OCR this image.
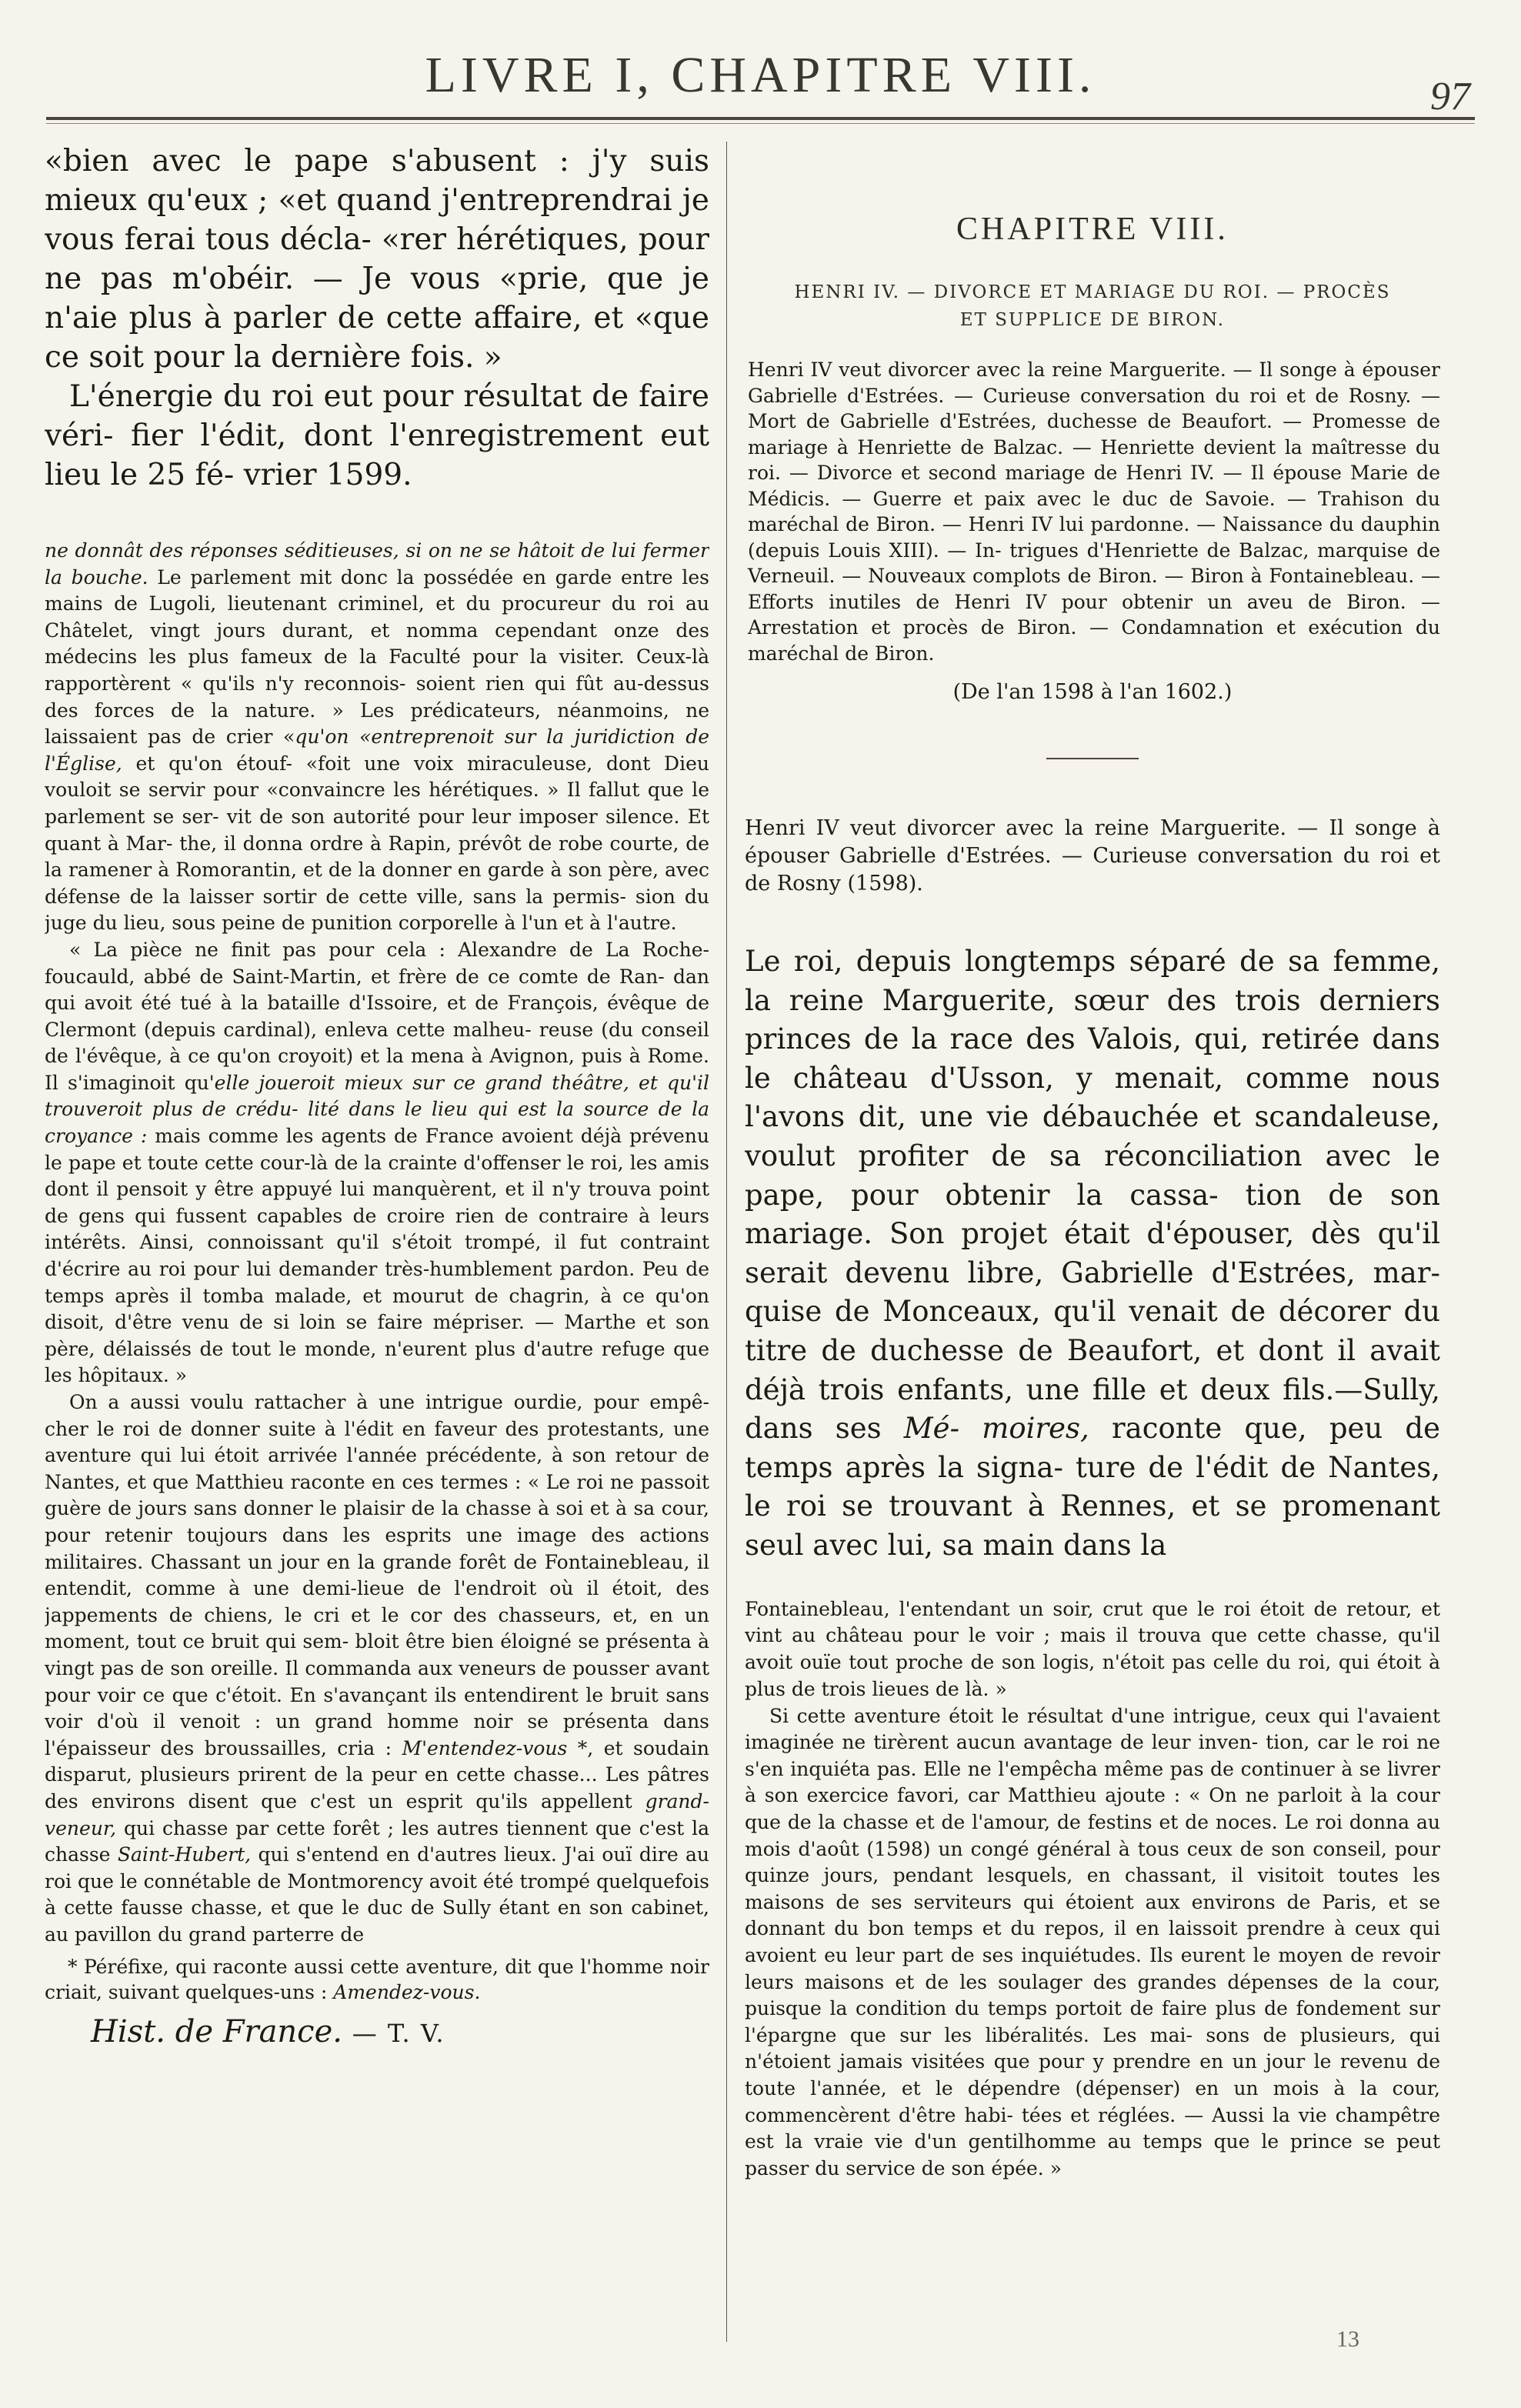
LIVRE I, CHAPITRE VIII.	97

«bien avec le pape s'abusent : j'y suis mieux qu'eux ; «et quand j'entreprendrai je vous ferai tous décla- «rer hérétiques, pour ne pas m'obéir. — Je vous «prie, que je n'aie plus à parler de cette affaire, et «que ce soit pour la dernière fois. »

L'énergie du roi eut pour résultat de faire véri- fier l'édit, dont l'enregistrement eut lieu le 25 fé- vrier 1599.

ne donnât des réponses séditieuses, si on ne se hâtoit de lui fermer la bouche. Le parlement mit donc la possédée en garde entre les mains de Lugoli, lieutenant criminel, et du procureur du roi au Châtelet, vingt jours durant, et nomma cependant onze des médecins les plus fameux de la Faculté pour la visiter. Ceux-là rapportèrent « qu'ils n'y reconnois- soient rien qui fût au-dessus des forces de la nature. » Les prédicateurs, néanmoins, ne laissaient pas de crier «qu'on «entreprenoit sur la juridiction de l'Église, et qu'on étouf- «foit une voix miraculeuse, dont Dieu vouloit se servir pour «convaincre les hérétiques. » Il fallut que le parlement se ser- vit de son autorité pour leur imposer silence. Et quant à Mar- the, il donna ordre à Rapin, prévôt de robe courte, de la ramener à Romorantin, et de la donner en garde à son père, avec défense de la laisser sortir de cette ville, sans la permis- sion du juge du lieu, sous peine de punition corporelle à l'un et à l'autre.

« La pièce ne finit pas pour cela : Alexandre de La Roche- foucauld, abbé de Saint-Martin, et frère de ce comte de Ran- dan qui avoit été tué à la bataille d'Issoire, et de François, évêque de Clermont (depuis cardinal), enleva cette malheu- reuse (du conseil de l'évêque, à ce qu'on croyoit) et la mena à Avignon, puis à Rome. Il s'imaginoit qu'elle joueroit mieux sur ce grand théâtre, et qu'il trouveroit plus de crédu- lité dans le lieu qui est la source de la croyance : mais comme les agents de France avoient déjà prévenu le pape et toute cette cour-là de la crainte d'offenser le roi, les amis dont il pensoit y être appuyé lui manquèrent, et il n'y trouva point de gens qui fussent capables de croire rien de contraire à leurs intérêts. Ainsi, connoissant qu'il s'étoit trompé, il fut contraint d'écrire au roi pour lui demander très-humblement pardon. Peu de temps après il tomba malade, et mourut de chagrin, à ce qu'on disoit, d'être venu de si loin se faire mépriser. — Marthe et son père, délaissés de tout le monde, n'eurent plus d'autre refuge que les hôpitaux. »

On a aussi voulu rattacher à une intrigue ourdie, pour empê- cher le roi de donner suite à l'édit en faveur des protestants, une aventure qui lui étoit arrivée l'année précédente, à son retour de Nantes, et que Matthieu raconte en ces termes : « Le roi ne passoit guère de jours sans donner le plaisir de la chasse à soi et à sa cour, pour retenir toujours dans les esprits une image des actions militaires. Chassant un jour en la grande forêt de Fontainebleau, il entendit, comme à une demi-lieue de l'endroit où il étoit, des jappements de chiens, le cri et le cor des chasseurs, et, en un moment, tout ce bruit qui sem- bloit être bien éloigné se présenta à vingt pas de son oreille. Il commanda aux veneurs de pousser avant pour voir ce que c'étoit. En s'avançant ils entendirent le bruit sans voir d'où il venoit : un grand homme noir se présenta dans l'épaisseur des broussailles, cria : M'entendez-vous *, et soudain disparut, plusieurs prirent de la peur en cette chasse... Les pâtres des environs disent que c'est un esprit qu'ils appellent grand- veneur, qui chasse par cette forêt ; les autres tiennent que c'est la chasse Saint-Hubert, qui s'entend en d'autres lieux. J'ai ouï dire au roi que le connétable de Montmorency avoit été trompé quelquefois à cette fausse chasse, et que le duc de Sully étant en son cabinet, au pavillon du grand parterre de

* Péréfixe, qui raconte aussi cette aventure, dit que l'homme noir criait, suivant quelques-uns : Amendez-vous.

Hist. de France. — T. V.

CHAPITRE VIII.
HENRI IV. — DIVORCE ET MARIAGE DU ROI. — PROCÈS ET SUPPLICE DE BIRON.

Henri IV veut divorcer avec la reine Marguerite. — Il songe à épouser Gabrielle d'Estrées. — Curieuse conversation du roi et de Rosny. — Mort de Gabrielle d'Estrées, duchesse de Beaufort. — Promesse de mariage à Henriette de Balzac. — Henriette devient la maîtresse du roi. — Divorce et second mariage de Henri IV. — Il épouse Marie de Médicis. — Guerre et paix avec le duc de Savoie. — Trahison du maréchal de Biron. — Henri IV lui pardonne. — Naissance du dauphin (depuis Louis XIII). — In- trigues d'Henriette de Balzac, marquise de Verneuil. — Nouveaux complots de Biron. — Biron à Fontainebleau. — Efforts inutiles de Henri IV pour obtenir un aveu de Biron. — Arrestation et procès de Biron. — Condamnation et exécution du maréchal de Biron.

(De l'an 1598 à l'an 1602.)

Henri IV veut divorcer avec la reine Marguerite. — Il songe à épouser Gabrielle d'Estrées. — Curieuse conversation du roi et de Rosny (1598).

Le roi, depuis longtemps séparé de sa femme, la reine Marguerite, sœur des trois derniers princes de la race des Valois, qui, retirée dans le château d'Usson, y menait, comme nous l'avons dit, une vie débauchée et scandaleuse, voulut profiter de sa réconciliation avec le pape, pour obtenir la cassa- tion de son mariage. Son projet était d'épouser, dès qu'il serait devenu libre, Gabrielle d'Estrées, mar- quise de Monceaux, qu'il venait de décorer du titre de duchesse de Beaufort, et dont il avait déjà trois enfants, une fille et deux fils.—Sully, dans ses Mé- moires, raconte que, peu de temps après la signa- ture de l'édit de Nantes, le roi se trouvant à Rennes, et se promenant seul avec lui, sa main dans la

Fontainebleau, l'entendant un soir, crut que le roi étoit de retour, et vint au château pour le voir ; mais il trouva que cette chasse, qu'il avoit ouïe tout proche de son logis, n'étoit pas celle du roi, qui étoit à plus de trois lieues de là. »

Si cette aventure étoit le résultat d'une intrigue, ceux qui l'avaient imaginée ne tirèrent aucun avantage de leur inven- tion, car le roi ne s'en inquiéta pas. Elle ne l'empêcha même pas de continuer à se livrer à son exercice favori, car Matthieu ajoute : « On ne parloit à la cour que de la chasse et de l'amour, de festins et de noces. Le roi donna au mois d'août (1598) un congé général à tous ceux de son conseil, pour quinze jours, pendant lesquels, en chassant, il visitoit toutes les maisons de ses serviteurs qui étoient aux environs de Paris, et se donnant du bon temps et du repos, il en laissoit prendre à ceux qui avoient eu leur part de ses inquiétudes. Ils eurent le moyen de revoir leurs maisons et de les soulager des grandes dépenses de la cour, puisque la condition du temps portoit de faire plus de fondement sur l'épargne que sur les libéralités. Les mai- sons de plusieurs, qui n'étoient jamais visitées que pour y prendre en un jour le revenu de toute l'année, et le dépendre (dépenser) en un mois à la cour, commencèrent d'être habi- tées et réglées. — Aussi la vie champêtre est la vraie vie d'un gentilhomme au temps que le prince se peut passer du service de son épée. »

13
